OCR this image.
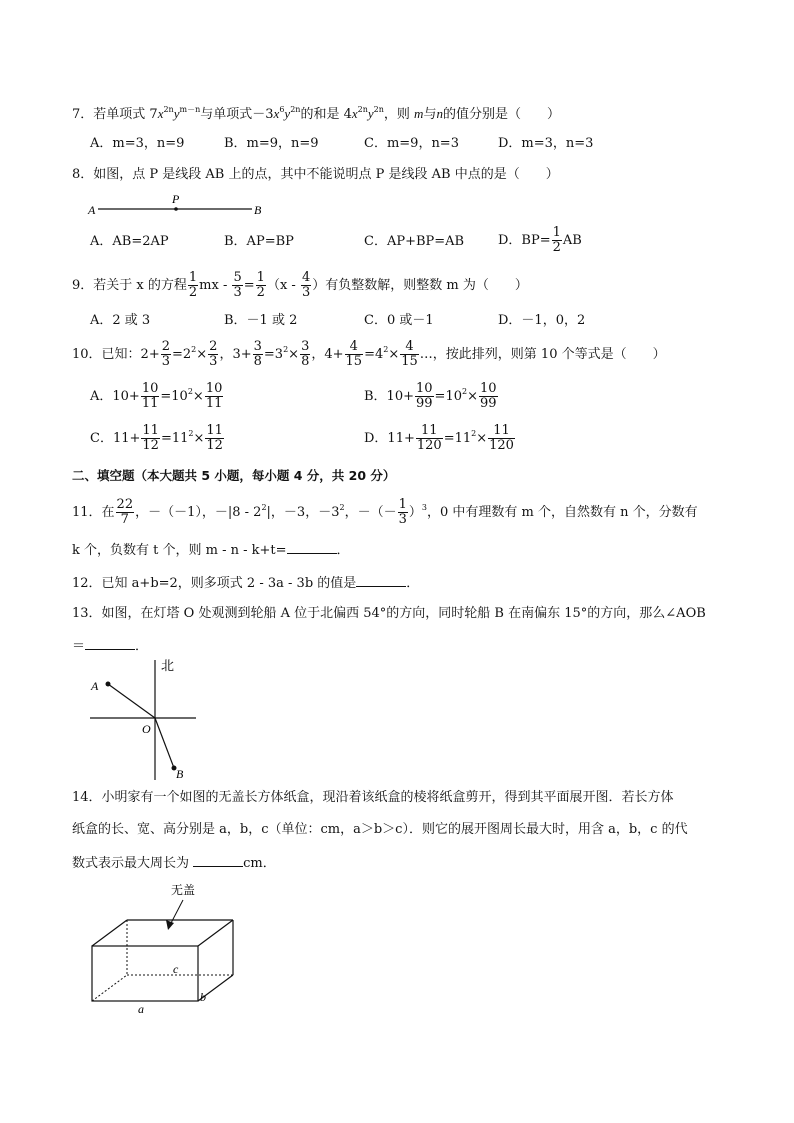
7．若单项式 $7x^{2n}y^{m-n}$与单项式$-3x^6y^{2n}$的和是 $4x^{2n}y^{2n}$，则 m与n的值分别是（　　）
A．m=3，n=9	B．m=9，n=9	C．m=9，n=3	D．m=3，n=3
8．如图，点 P 是线段 AB 上的点，其中不能说明点 P 是线段 AB 中点的是（　　）
A
P
B
A．AB=2AP	B．AP=BP	C．AP+BP=AB	D．$BP= \frac{1}{2}$ AB
9．若关于 x 的方程 $\frac{1}{2}$ mx - $\frac{5}{3} = \frac{1}{2} (x - \frac{4}{3}$ ）有负整数解，则整数 m 为（　　）
A．2 或 3	B．－1 或 2	C．0 或－1	D．－1，0，2
10．已知：$2+ \frac{2}{3} =2^2\times \frac{2}{3}$ ，$3+ \frac{3}{8} =3^2\times \frac{3}{8}$ ，$4+ \frac{4}{15} =4^2\times \frac{4}{15}$ …，按此排列，则第 10 个等式是（　　）
A．$10+ \frac{10}{11} =10^2\times \frac{10}{11}$	B．$10+ \frac{10}{99} =10^2\times \frac{10}{99}$
C．$11+ \frac{11}{12} =11^2\times \frac{11}{12}$	D．$11+ \frac{11}{120} =11^2\times \frac{11}{120}$
二、填空题（本大题共 5 小题，每小题 4 分，共 20 分）
11．在 $\frac{22}{7}$ ，－（－1），$-|8 - 2^2|$，－3，$-3^2$，－（－ $\frac{1}{3} )^3$，0 中有理数有 m 个，自然数有 n 个，分数有
k 个，负数有 t 个，则 m - n - k+t=	．
12．已知 a+b=2，则多项式 2 - 3a - 3b 的值是	．
13．如图，在灯塔 O 处观测到轮船 A 位于北偏西 54°的方向，同时轮船 B 在南偏东 15°的方向，那么∠AOB
＝	．
北
A
O
B
14．小明家有一个如图的无盖长方体纸盒，现沿着该纸盒的棱将纸盒剪开，得到其平面展开图．若长方体
纸盒的长、宽、高分别是 a，b，c（单位：cm，a＞b＞c）．则它的展开图周长最大时，用含 a，b，c 的代
数式表示最大周长为	cm．
无盖
c
a
b
